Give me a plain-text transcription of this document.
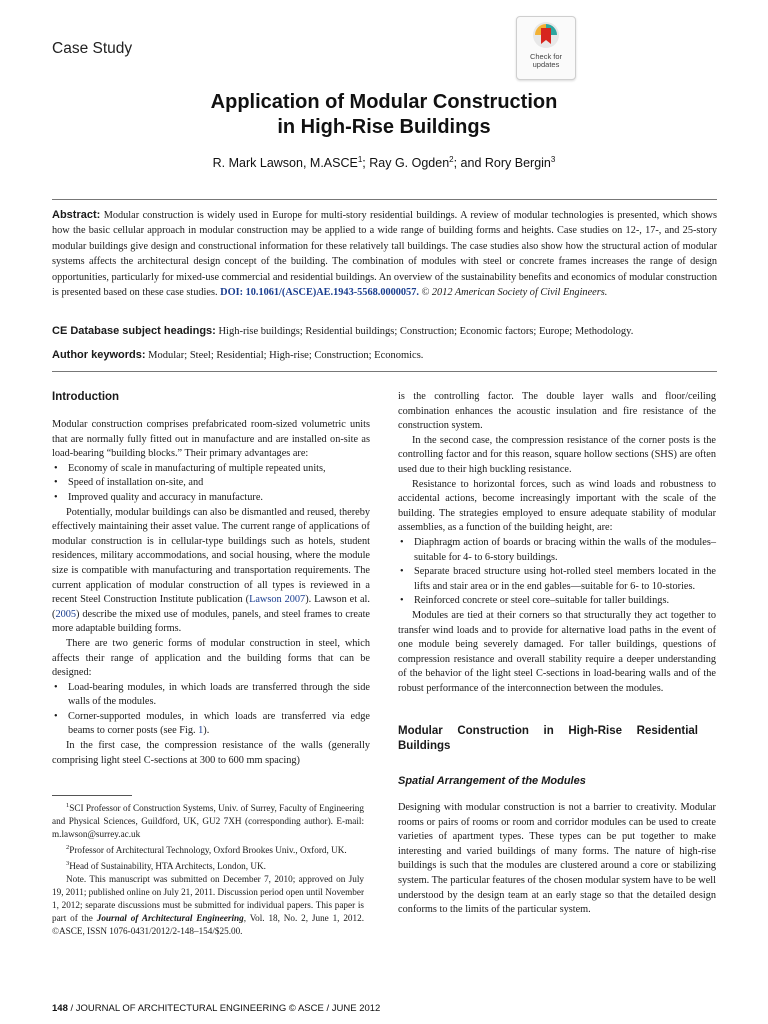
Case Study	Check for
updates
Application of Modular Construction
in High-Rise Buildings
R. Mark Lawson, M.ASCE$^1$; Ray G. Ogden$^2$; and Rory Bergin$^3$
Abstract: Modular construction is widely used in Europe for multi-story residential buildings. A review of modular technologies is presented, which shows how the basic cellular approach in modular construction may be applied to a wide range of building forms and heights. Case studies on 12-, 17-, and 25-story modular buildings give design and constructional information for these relatively tall buildings. The case studies also show how the structural action of modular systems affects the architectural design concept of the building. The combination of modules with steel or concrete frames increases the range of design opportunities, particularly for mixed-use commercial and residential buildings. An overview of the sustainability benefits and economics of modular construction is presented based on these case studies. DOI: 10.1061/(ASCE)AE.1943-5568.0000057. © 2012 American Society of Civil Engineers.
CE Database subject headings: High-rise buildings; Residential buildings; Construction; Economic factors; Europe; Methodology.
Author keywords: Modular; Steel; Residential; High-rise; Construction; Economics.
Introduction

Modular construction comprises prefabricated room-sized volumetric units that are normally fully fitted out in manufacture and are installed on-site as load-bearing “building blocks.” Their primary advantages are:

• Economy of scale in manufacturing of multiple repeated units,
• Speed of installation on-site, and
• Improved quality and accuracy in manufacture.

Potentially, modular buildings can also be dismantled and reused, thereby effectively maintaining their asset value. The current range of applications of modular construction is in cellular-type buildings such as hotels, student residences, military accommodations, and social housing, where the module size is compatible with manufacturing and transportation requirements. The current application of modular construction of all types is reviewed in a recent Steel Construction Institute publication (Lawson 2007). Lawson et al. (2005) describe the mixed use of modules, panels, and steel frames to create more adaptable building forms.

There are two generic forms of modular construction in steel, which affects their range of application and the building forms that can be designed:

• Load-bearing modules, in which loads are transferred through the side walls of the modules.
• Corner-supported modules, in which loads are transferred via edge beams to corner posts (see Fig. 1).

In the first case, the compression resistance of the walls (generally comprising light steel C-sections at 300 to 600 mm spacing)

$^1$SCI Professor of Construction Systems, Univ. of Surrey, Faculty of Engineering and Physical Sciences, Guildford, UK, GU2 7XH (corresponding author). E-mail: m.lawson@surrey.ac.uk

$^2$Professor of Architectural Technology, Oxford Brookes Univ., Oxford, UK.

$^3$Head of Sustainability, HTA Architects, London, UK.

Note. This manuscript was submitted on December 7, 2010; approved on July 19, 2011; published online on July 21, 2011. Discussion period open until November 1, 2012; separate discussions must be submitted for individual papers. This paper is part of the Journal of Architectural Engineering, Vol. 18, No. 2, June 1, 2012. ©ASCE, ISSN 1076-0431/2012/2-148–154/$25.00.

is the controlling factor. The double layer walls and floor/ceiling combination enhances the acoustic insulation and fire resistance of the construction system.

In the second case, the compression resistance of the corner posts is the controlling factor and for this reason, square hollow sections (SHS) are often used due to their high buckling resistance.

Resistance to horizontal forces, such as wind loads and robustness to accidental actions, become increasingly important with the scale of the building. The strategies employed to ensure adequate stability of modular assemblies, as a function of the building height, are:

• Diaphragm action of boards or bracing within the walls of the modules–suitable for 4- to 6-story buildings.
• Separate braced structure using hot-rolled steel members located in the lifts and stair area or in the end gables—suitable for 6- to 10-stories.
• Reinforced concrete or steel core–suitable for taller buildings.

Modules are tied at their corners so that structurally they act together to transfer wind loads and to provide for alternative load paths in the event of one module being severely damaged. For taller buildings, questions of compression resistance and overall stability require a deeper understanding of the behavior of the light steel C-sections in load-bearing walls and of the robust performance of the interconnection between the modules.

Modular Construction in High-Rise Residential Buildings
Spatial Arrangement of the Modules

Designing with modular construction is not a barrier to creativity. Modular rooms or pairs of rooms or room and corridor modules can be used to create varieties of apartment types. These types can be put together to make interesting and varied buildings of many forms. The nature of high-rise buildings is such that the modules are clustered around a core or stabilizing system. The particular features of the chosen modular system have to be well understood by the design team at an early stage so that the detailed design conforms to the limits of the particular system.

148 / JOURNAL OF ARCHITECTURAL ENGINEERING © ASCE / JUNE 2012
